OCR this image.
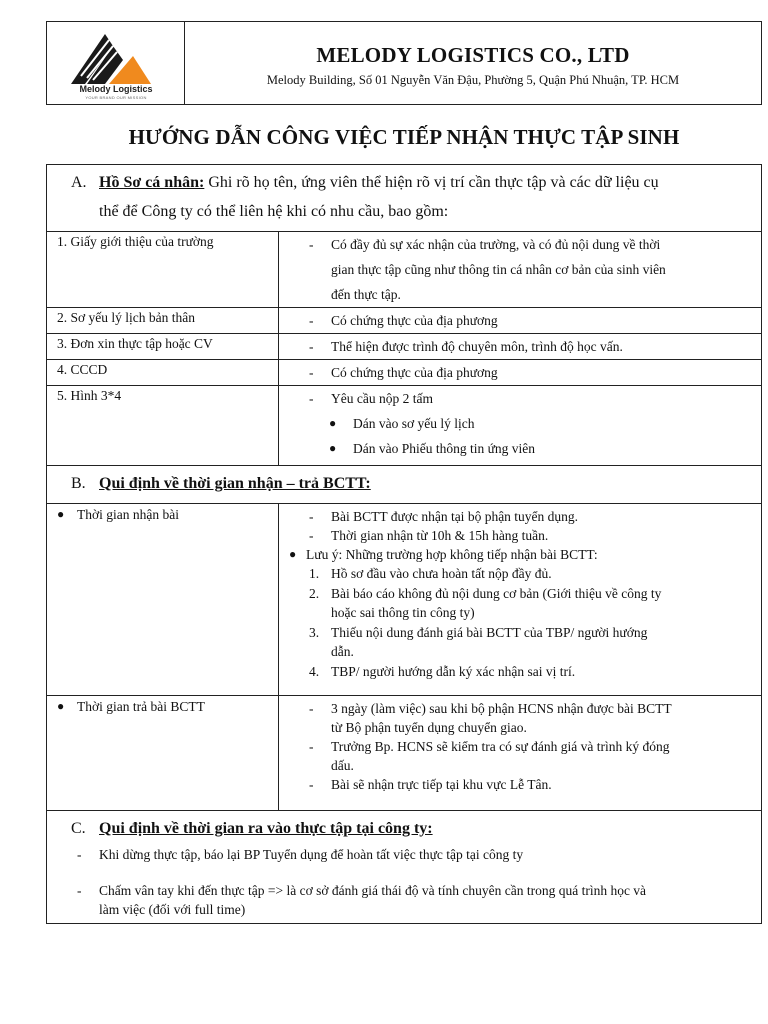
Melody Logistics
YOUR BRAND OUR MISSION
MELODY LOGISTICS CO., LTD
Melody Building, Số 01 Nguyễn Văn Đậu, Phường 5, Quận Phú Nhuận, TP. HCM
HƯỚNG DẪN CÔNG VIỆC TIẾP NHẬN THỰC TẬP SINH
A. Hồ Sơ cá nhân: Ghi rõ họ tên, ứng viên thể hiện rõ vị trí cần thực tập và các dữ liệu cụ
thể để Công ty có thể liên hệ khi có nhu cầu, bao gồm:
1. Giấy giới thiệu của trường	- Có đầy đủ sự xác nhận của trường, và có đủ nội dung về thời
gian thực tập cũng như thông tin cá nhân cơ bản của sinh viên
đến thực tập.
2. Sơ yếu lý lịch bản thân	- Có chứng thực của địa phương
3. Đơn xin thực tập hoặc CV	- Thể hiện được trình độ chuyên môn, trình độ học vấn.
4. CCCD	- Có chứng thực của địa phương
5. Hình 3*4	- Yêu cầu nộp 2 tấm
● Dán vào sơ yếu lý lịch
● Dán vào Phiếu thông tin ứng viên
B. Qui định về thời gian nhận – trả BCTT:
● Thời gian nhận bài	- Bài BCTT được nhận tại bộ phận tuyển dụng.
- Thời gian nhận từ 10h & 15h hàng tuần.
● Lưu ý: Những trường hợp không tiếp nhận bài BCTT:
1. Hồ sơ đầu vào chưa hoàn tất nộp đầy đủ.
2. Bài báo cáo không đủ nội dung cơ bản (Giới thiệu về công ty
hoặc sai thông tin công ty)
3. Thiếu nội dung đánh giá bài BCTT của TBP/ người hướng
dẫn.
4. TBP/ người hướng dẫn ký xác nhận sai vị trí.
● Thời gian trả bài BCTT	- 3 ngày (làm việc) sau khi bộ phận HCNS nhận được bài BCTT
từ Bộ phận tuyển dụng chuyển giao.
- Trưởng Bp. HCNS sẽ kiểm tra có sự đánh giá và trình ký đóng
dấu.
- Bài sẽ nhận trực tiếp tại khu vực Lễ Tân.
C. Qui định về thời gian ra vào thực tập tại công ty:
- Khi dừng thực tập, báo lại BP Tuyển dụng để hoàn tất việc thực tập tại công ty
- Chấm vân tay khi đến thực tập => là cơ sở đánh giá thái độ và tính chuyên cần trong quá trình học và
làm việc (đối với full time)
